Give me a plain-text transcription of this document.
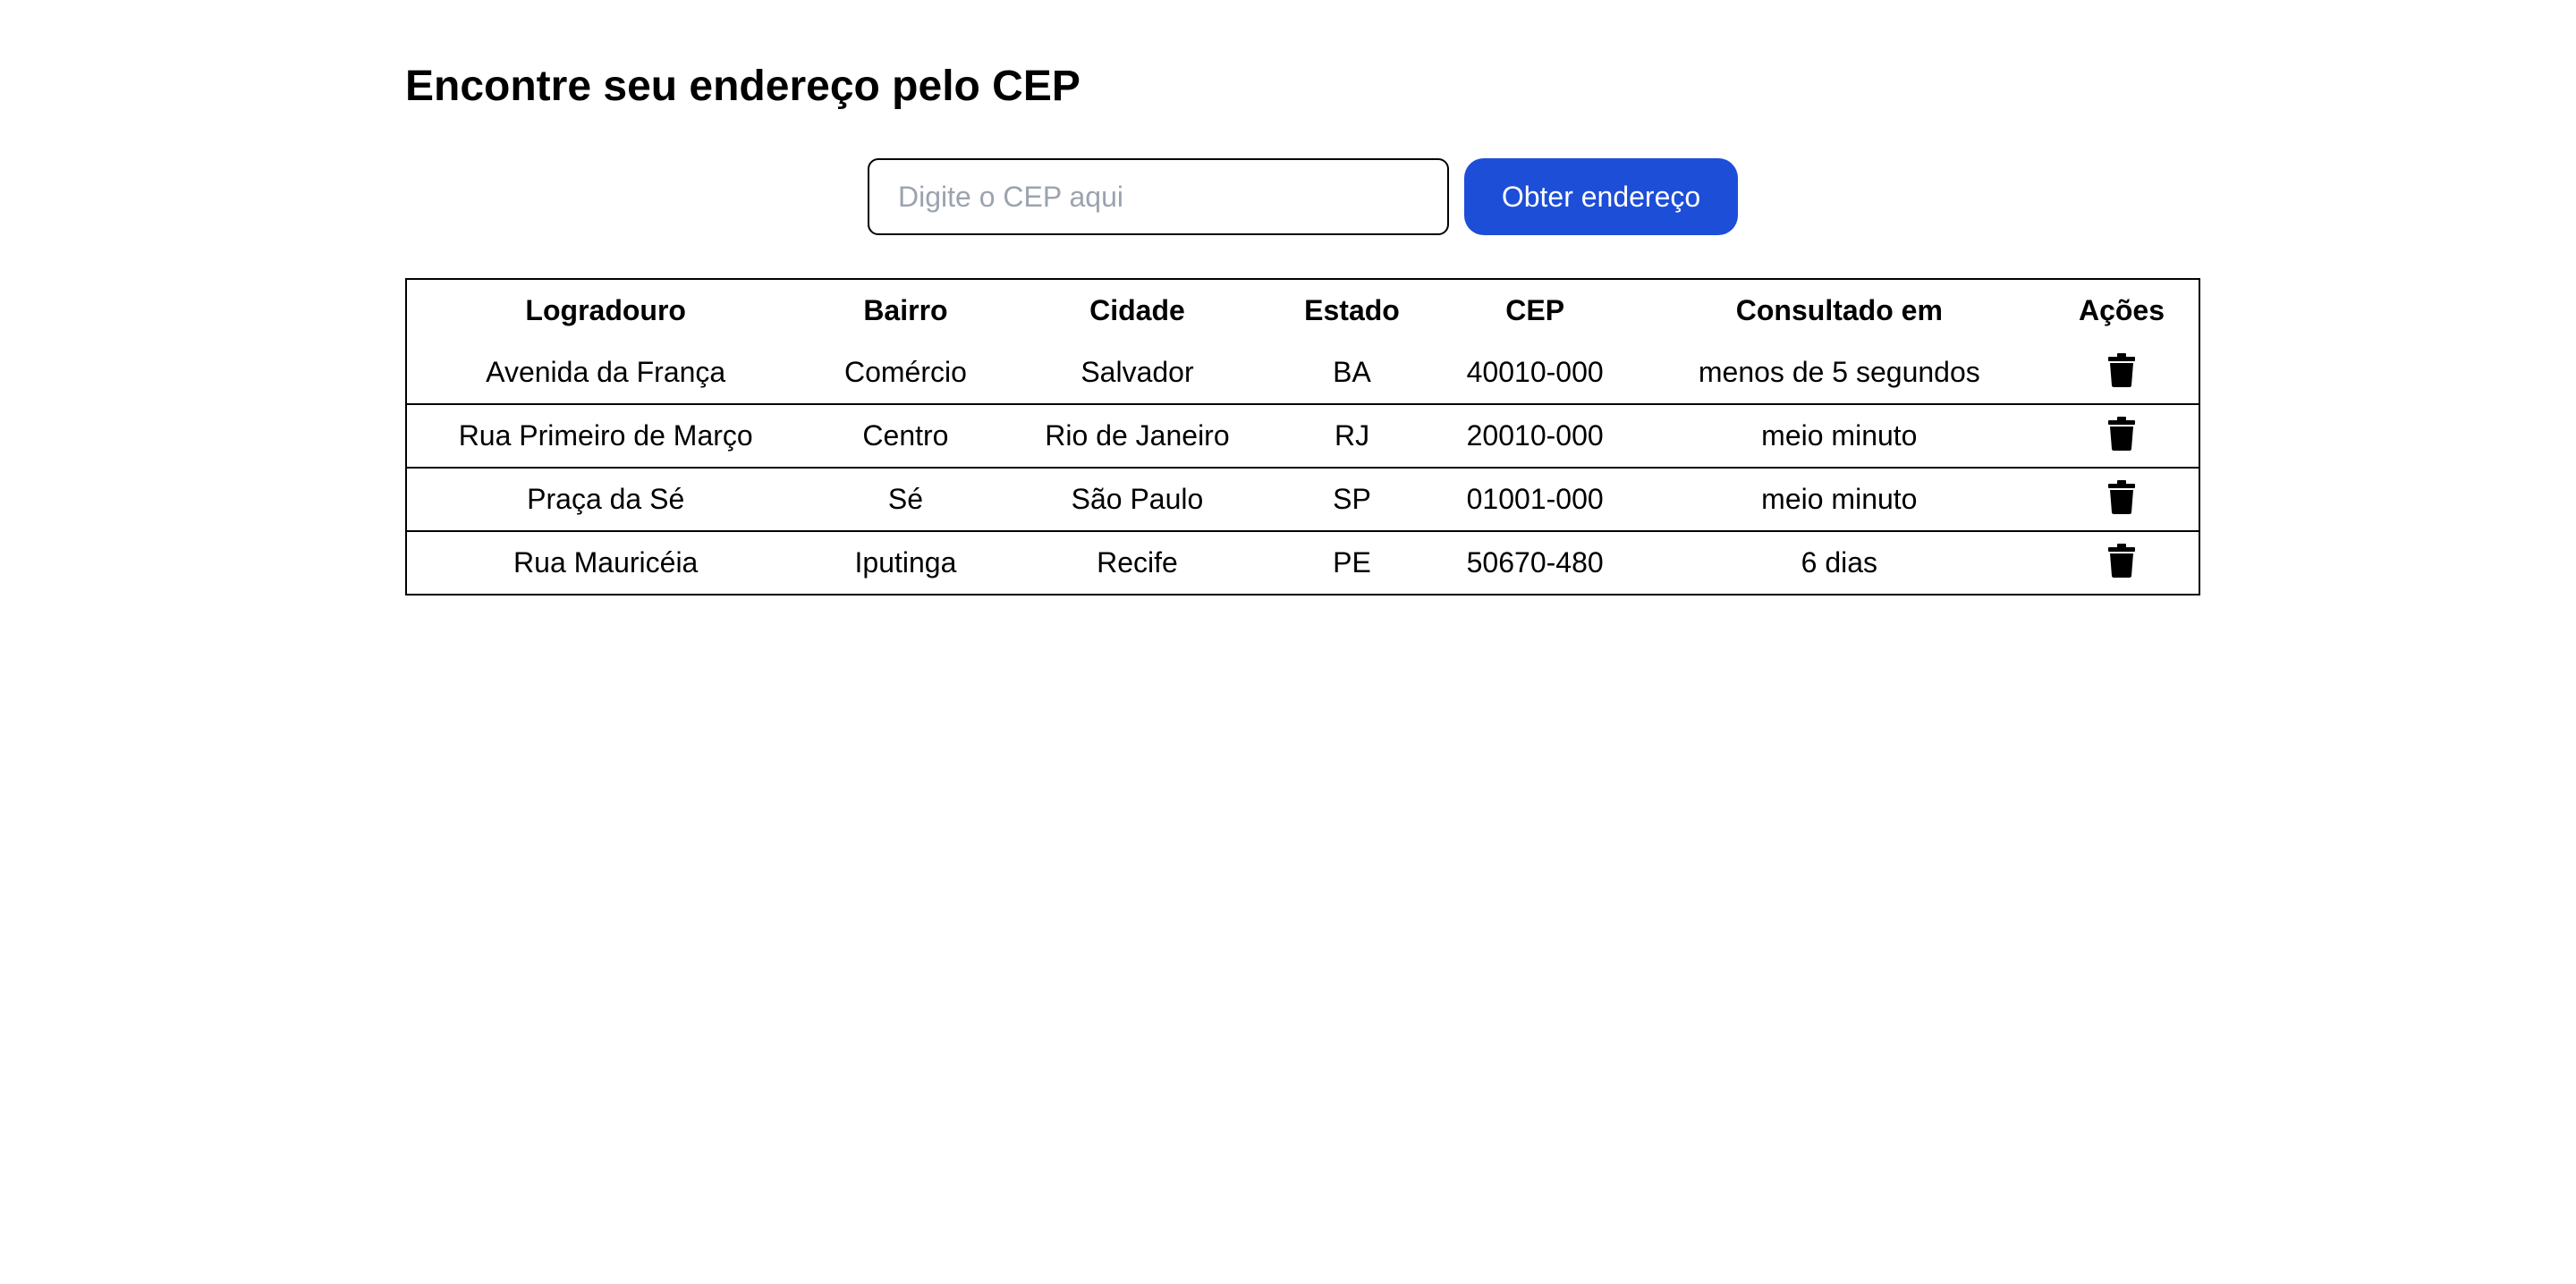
Encontre seu endereço pelo CEP
Digite o CEP aqui
Obter endereço
Logradouro	Bairro	Cidade	Estado	CEP	Consultado em	Ações
Avenida da França	Comércio	Salvador	BA	40010-000	menos de 5 segundos	

Rua Primeiro de Março	Centro	Rio de Janeiro	RJ	20010-000	meio minuto	

Praça da Sé	Sé	São Paulo	SP	01001-000	meio minuto	

Rua Mauricéia	Iputinga	Recife	PE	50670-480	6 dias	
